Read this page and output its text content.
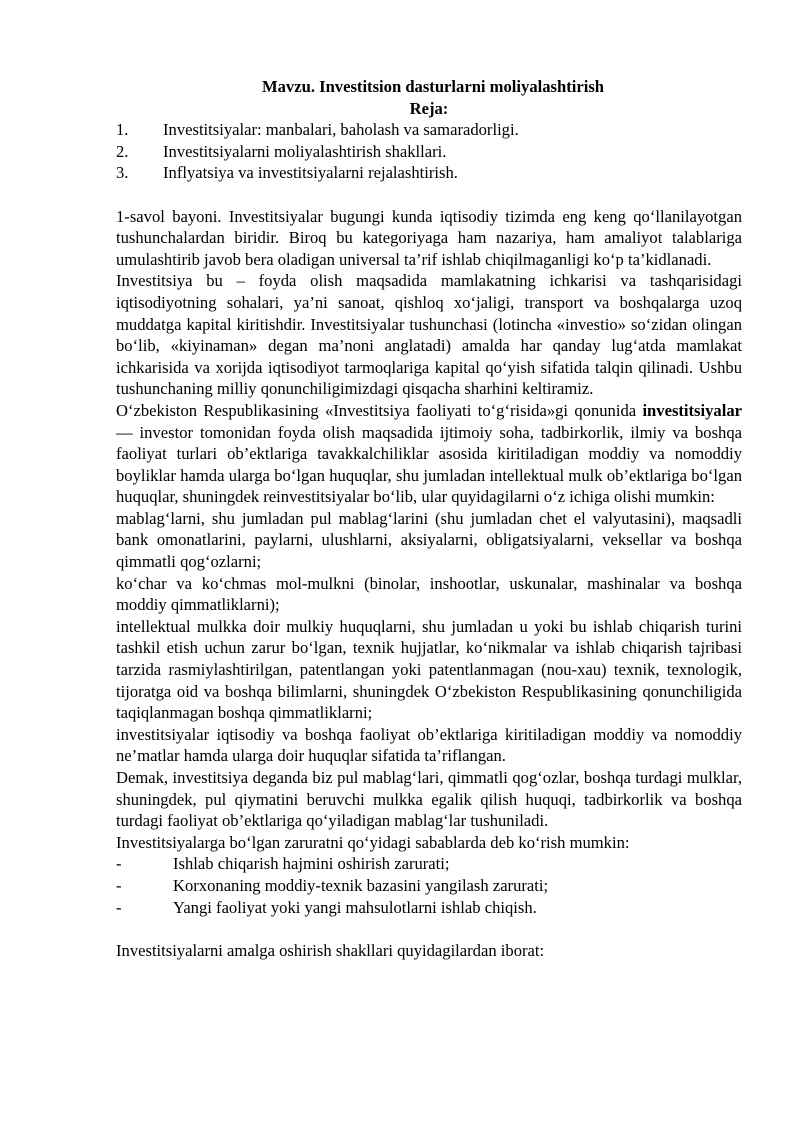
Mavzu. Investitsion dasturlarni moliyalashtirish
Reja:
1.	Investitsiyalar: manbalari, baholash va samaradorligi.
2.	Investitsiyalarni moliyalashtirish shakllari.
3.	Inflyatsiya va investitsiyalarni rejalashtirish.

1-savol bayoni. Investitsiyalar bugungi kunda iqtisodiy tizimda eng keng qo‘llanilayotgan tushunchalardan biridir. Biroq bu kategoriyaga ham nazariya, ham amaliyot talablariga umulashtirib javob bera oladigan universal ta’rif ishlab chiqilmaganligi ko‘p ta’kidlanadi.

Investitsiya bu – foyda olish maqsadida mamlakatning ichkarisi va tashqarisidagi iqtisodiyotning sohalari, ya’ni sanoat, qishloq xo‘jaligi, transport va boshqalarga uzoq muddatga kapital kiritishdir. Investitsiyalar tushunchasi (lotincha «investio» so‘zidan olingan bo‘lib, «kiyinaman» degan ma’noni anglatadi) amalda har qanday lug‘atda mamlakat ichkarisida va xorijda iqtisodiyot tarmoqlariga kapital qo‘yish sifatida talqin qilinadi. Ushbu tushunchaning milliy qonunchiligimizdagi qisqacha sharhini keltiramiz.

O‘zbekiston Respublikasining «Investitsiya faoliyati to‘g‘risida»gi qonunida investitsiyalar — investor tomonidan foyda olish maqsadida ijtimoiy soha, tadbirkorlik, ilmiy va boshqa faoliyat turlari ob’ektlariga tavakkalchiliklar asosida kiritiladigan moddiy va nomoddiy boyliklar hamda ularga bo‘lgan huquqlar, shu jumladan intellektual mulk ob’ektlariga bo‘lgan huquqlar, shuningdek reinvestitsiyalar bo‘lib, ular quyidagilarni o‘z ichiga olishi mumkin:

mablag‘larni, shu jumladan pul mablag‘larini (shu jumladan chet el valyutasini), maqsadli bank omonatlarini, paylarni, ulushlarni, aksiyalarni, obligatsiyalarni, veksellar va boshqa qimmatli qog‘ozlarni;

ko‘char va ko‘chmas mol-mulkni (binolar, inshootlar, uskunalar, mashinalar va boshqa moddiy qimmatliklarni);

intellektual mulkka doir mulkiy huquqlarni, shu jumladan u yoki bu ishlab chiqarish turini tashkil etish uchun zarur bo‘lgan, texnik hujjatlar, ko‘nikmalar va ishlab chiqarish tajribasi tarzida rasmiylashtirilgan, patentlangan yoki patentlanmagan (nou-xau) texnik, texnologik, tijoratga oid va boshqa bilimlarni, shuningdek O‘zbekiston Respublikasining qonunchiligida taqiqlanmagan boshqa qimmatliklarni;

investitsiyalar iqtisodiy va boshqa faoliyat ob’ektlariga kiritiladigan moddiy va nomoddiy ne’matlar hamda ularga doir huquqlar sifatida ta’riflangan.

Demak, investitsiya deganda biz pul mablag‘lari, qimmatli qog‘ozlar, boshqa turdagi mulklar, shuningdek, pul qiymatini beruvchi mulkka egalik qilish huquqi, tadbirkorlik va boshqa turdagi faoliyat ob’ektlariga qo‘yiladigan mablag‘lar tushuniladi.

Investitsiyalarga bo‘lgan zaruratni qo‘yidagi sabablarda deb ko‘rish mumkin:

-	Ishlab chiqarish hajmini oshirish zarurati;
-	Korxonaning moddiy-texnik bazasini yangilash zarurati;
-	Yangi faoliyat yoki yangi mahsulotlarni ishlab chiqish.

Investitsiyalarni amalga oshirish shakllari quyidagilardan iborat:
